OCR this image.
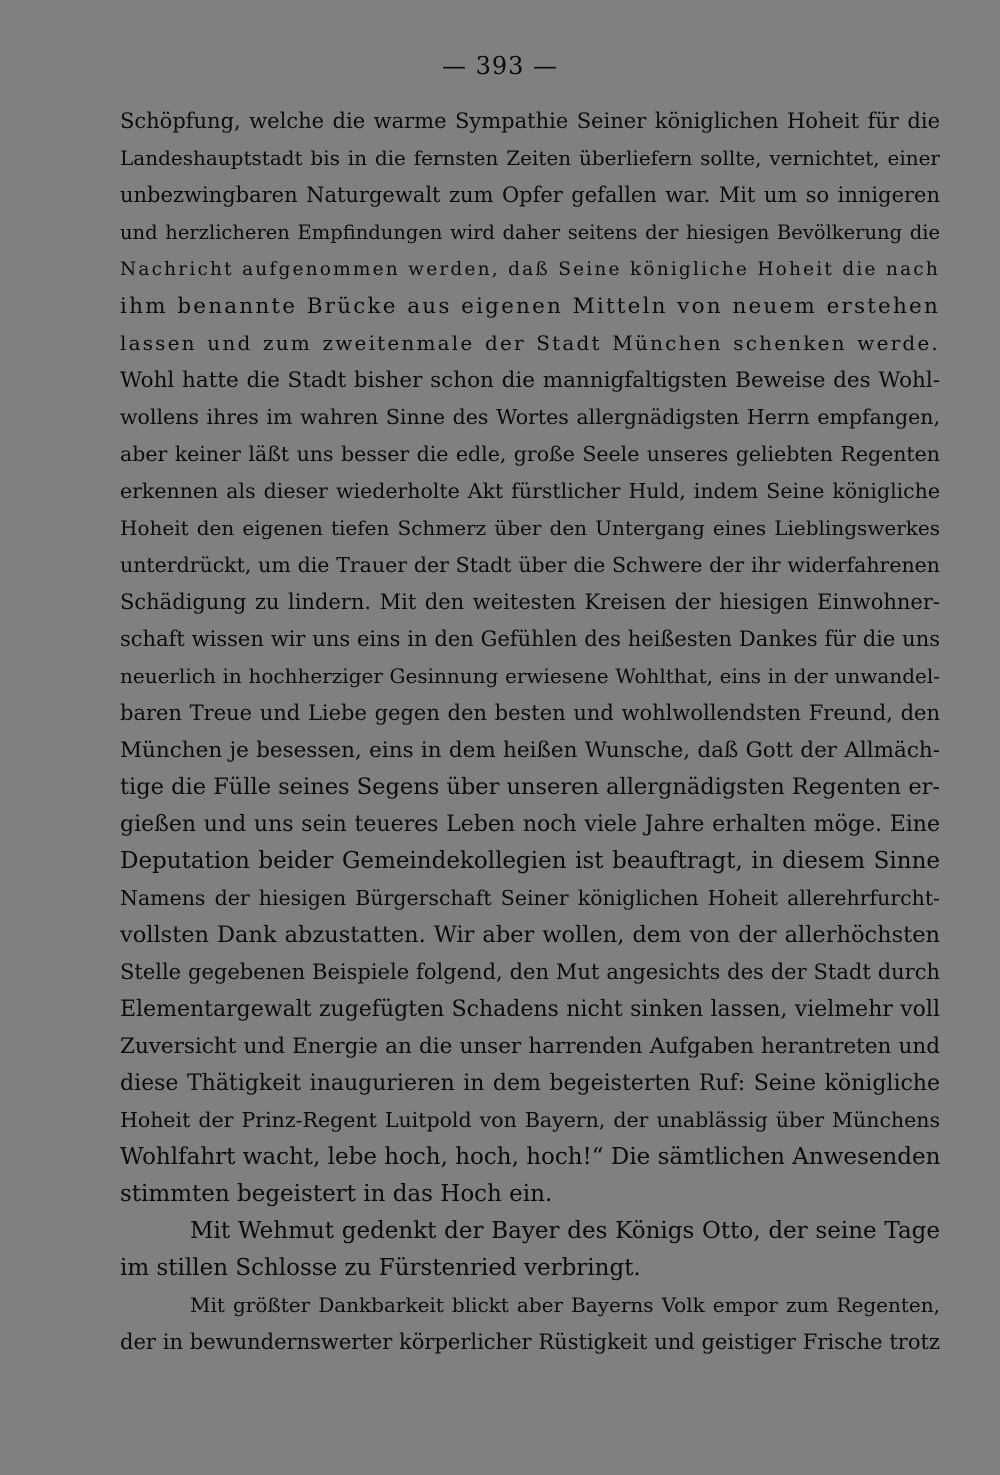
— 393 —
Schöpfung, welche die warme Sympathie Seiner königlichen Hoheit für die
Landeshauptstadt bis in die fernsten Zeiten überliefern sollte, vernichtet, einer
unbezwingbaren Naturgewalt zum Opfer gefallen war. Mit um so innigeren
und herzlicheren Empfindungen wird daher seitens der hiesigen Bevölkerung die
Nachricht aufgenommen werden, daß Seine königliche Hoheit die nach
ihm benannte Brücke aus eigenen Mitteln von neuem erstehen
lassen und zum zweitenmale der Stadt München schenken werde.
Wohl hatte die Stadt bisher schon die mannigfaltigsten Beweise des Wohl-
wollens ihres im wahren Sinne des Wortes allergnädigsten Herrn empfangen,
aber keiner läßt uns besser die edle, große Seele unseres geliebten Regenten
erkennen als dieser wiederholte Akt fürstlicher Huld, indem Seine königliche
Hoheit den eigenen tiefen Schmerz über den Untergang eines Lieblingswerkes
unterdrückt, um die Trauer der Stadt über die Schwere der ihr widerfahrenen
Schädigung zu lindern. Mit den weitesten Kreisen der hiesigen Einwohner-
schaft wissen wir uns eins in den Gefühlen des heißesten Dankes für die uns
neuerlich in hochherziger Gesinnung erwiesene Wohlthat, eins in der unwandel-
baren Treue und Liebe gegen den besten und wohlwollendsten Freund, den
München je besessen, eins in dem heißen Wunsche, daß Gott der Allmäch-
tige die Fülle seines Segens über unseren allergnädigsten Regenten er-
gießen und uns sein teueres Leben noch viele Jahre erhalten möge. Eine
Deputation beider Gemeindekollegien ist beauftragt, in diesem Sinne
Namens der hiesigen Bürgerschaft Seiner königlichen Hoheit allerehrfurcht-
vollsten Dank abzustatten. Wir aber wollen, dem von der allerhöchsten
Stelle gegebenen Beispiele folgend, den Mut angesichts des der Stadt durch
Elementargewalt zugefügten Schadens nicht sinken lassen, vielmehr voll
Zuversicht und Energie an die unser harrenden Aufgaben herantreten und
diese Thätigkeit inaugurieren in dem begeisterten Ruf: Seine königliche
Hoheit der Prinz-Regent Luitpold von Bayern, der unablässig über Münchens
Wohlfahrt wacht, lebe hoch, hoch, hoch!“ Die sämtlichen Anwesenden
stimmten begeistert in das Hoch ein.
Mit Wehmut gedenkt der Bayer des Königs Otto, der seine Tage
im stillen Schlosse zu Fürstenried verbringt.
Mit größter Dankbarkeit blickt aber Bayerns Volk empor zum Regenten,
der in bewundernswerter körperlicher Rüstigkeit und geistiger Frische trotz
